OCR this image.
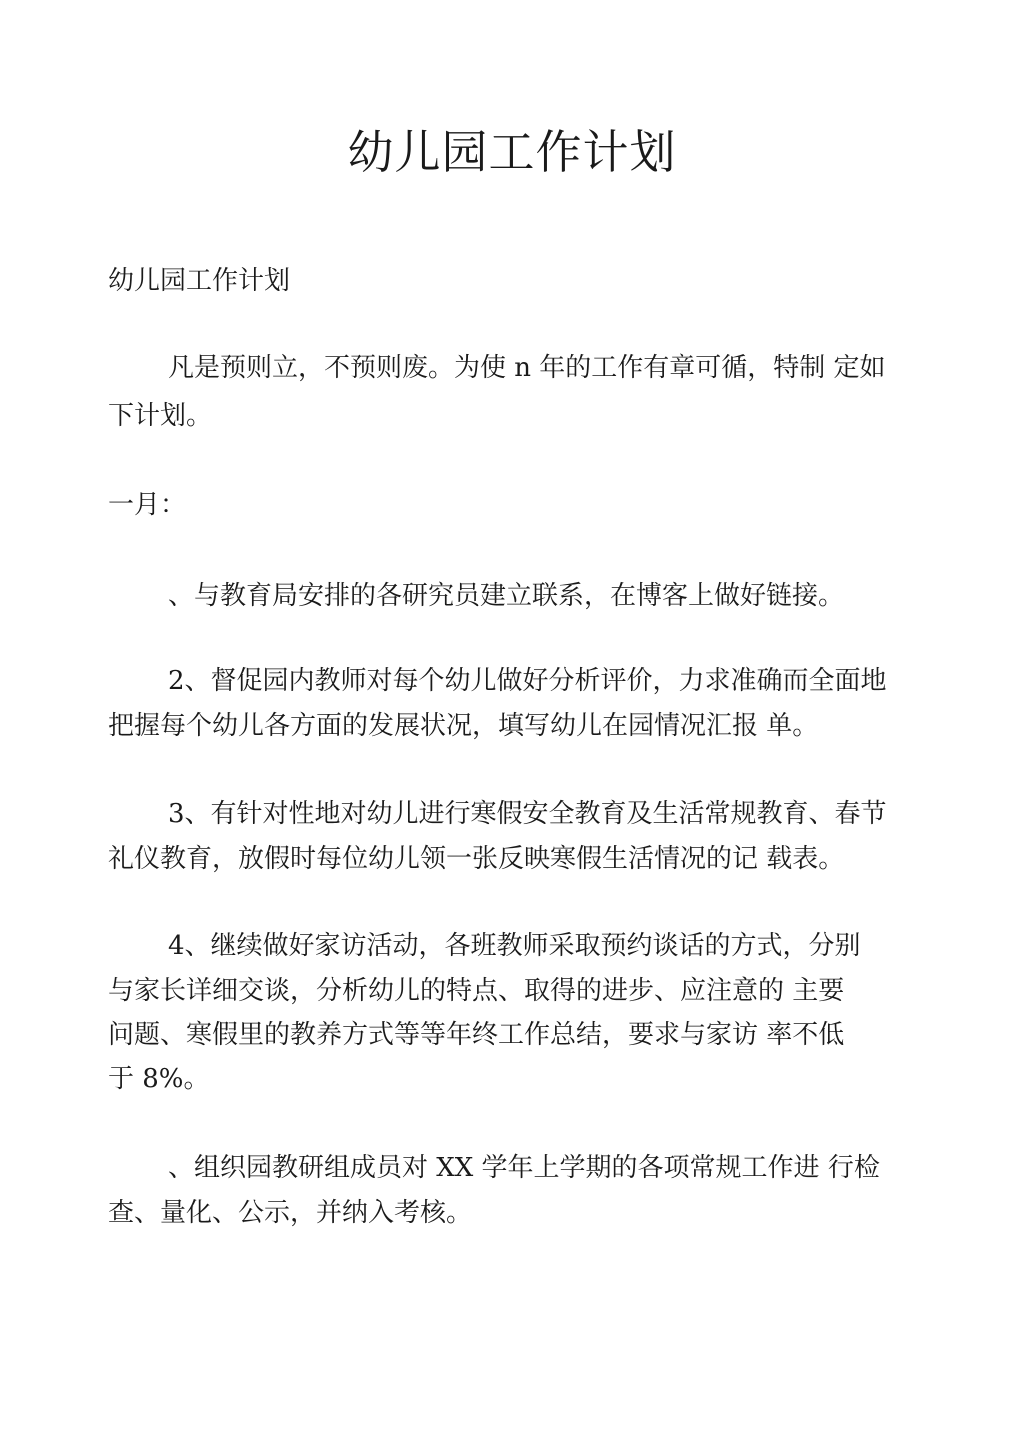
幼儿园工作计划

幼儿园工作计划

凡是预则立，不预则废。为使 n 年的工作有章可循，特制 定如

下计划。

一月：

、与教育局安排的各研究员建立联系，在博客上做好链接。

2、督促园内教师对每个幼儿做好分析评价，力求准确而全面地

把握每个幼儿各方面的发展状况，填写幼儿在园情况汇报 单。

3、有针对性地对幼儿进行寒假安全教育及生活常规教育、春节

礼仪教育，放假时每位幼儿领一张反映寒假生活情况的记 载表。

4、继续做好家访活动，各班教师采取预约谈话的方式，分别

与家长详细交谈，分析幼儿的特点、取得的进步、应注意的 主要

问题、寒假里的教养方式等等年终工作总结，要求与家访 率不低

于 8%。

、组织园教研组成员对 XX 学年上学期的各项常规工作进 行检

查、量化、公示，并纳入考核。
